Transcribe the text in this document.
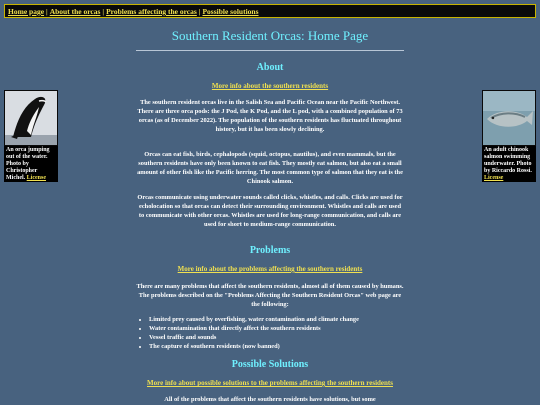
Home page | About the orcas | Problems affecting the orcas | Possible solutions
Southern Resident Orcas: Home Page
About
More info about the southern residents
The southern resident orcas live in the Salish Sea and Pacific Ocean near the Pacific Northwest. There are three orca pods: the J Pod, the K Pod, and the L pod, with a combined population of 73 orcas (as of December 2022). The population of the southern residents has fluctuated throughout history, but it has been slowly declining.
Orcas can eat fish, birds, cephalopods (squid, octopus, nautilus), and even mammals, but the southern residents have only been known to eat fish. They mostly eat salmon, but also eat a small amount of other fish like the Pacific herring. The most common type of salmon that they eat is the Chinook salmon.
Orcas communicate using underwater sounds called clicks, whistles, and calls. Clicks are used for echolocation so that orcas can detect their surrounding environment. Whistles and calls are used to communicate with other orcas. Whistles are used for long-range communication, and calls are used for short to medium-range communication.
Problems
More info about the problems affecting the southern residents
There are many problems that affect the southern residents, almost all of them caused by humans. The problems described on the "Problems Affecting the Southern Resident Orcas" web page are the following:
• Limited prey caused by overfishing, water contamination and climate change
• Water contamination that directly affect the southern residents
• Vessel traffic and sounds
• The capture of southern residents (now banned)
Possible Solutions
More info about possible solutions to the problems affecting the southern residents
All of the problems that affect the southern residents have solutions, but some
An orca jumping out of the water. Photo by Christopher Michel. License
An adult chinook salmon swimming underwater. Photo by Riccardo Rossi. License
